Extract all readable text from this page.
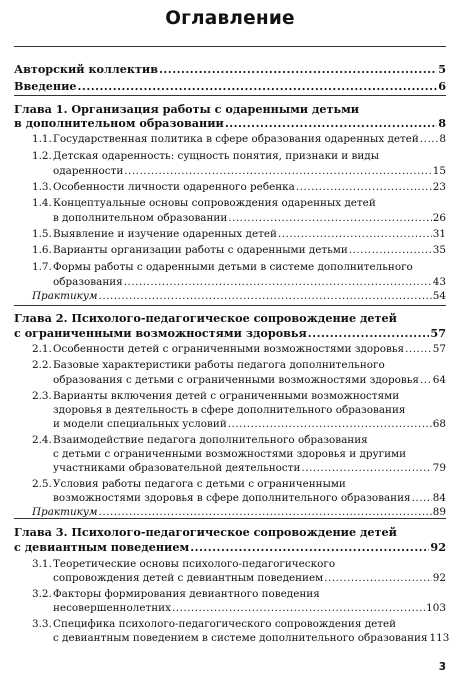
Оглавление
Авторский коллектив .....	5
Введение .....	6
Глава 1. Организация работы с одаренными детьми
в дополнительном образовании .....	8
1.1. Государственная политика в сфере образования одаренных детей ..... 8
1.2. Детская одаренность: сущность понятия, признаки и виды
одаренности .....	15
1.3. Особенности личности одаренного ребенка .....	23
1.4. Концептуальные основы сопровождения одаренных детей
в дополнительном образовании .....	26
1.5. Выявление и изучение одаренных детей .....	31
1.6. Варианты организации работы с одаренными детьми .....	35
1.7. Формы работы с одаренными детьми в системе дополнительного
образования .....	43
Практикум .....	54
Глава 2. Психолого-педагогическое сопровождение детей
с ограниченными возможностями здоровья .....	57
2.1. Особенности детей с ограниченными возможностями здоровья .....	57
2.2. Базовые характеристики работы педагога дополнительного
образования с детьми с ограниченными возможностями здоровья ..... 64
2.3. Варианты включения детей с ограниченными возможностями
здоровья в деятельность в сфере дополнительного образования
и модели специальных условий .....	68
2.4. Взаимодействие педагога дополнительного образования
с детьми с ограниченными возможностями здоровья и другими
участниками образовательной деятельности .....	79
2.5. Условия работы педагога с детьми с ограниченными
возможностями здоровья в сфере дополнительного образования ..... 84
Практикум .....	89
Глава 3. Психолого-педагогическое сопровождение детей
с девиантным поведением .....	92
3.1. Теоретические основы психолого-педагогического
сопровождения детей с девиантным поведением .....	92
3.2. Факторы формирования девиантного поведения
несовершеннолетних .....	103
3.3. Специфика психолого-педагогического сопровождения детей
с девиантным поведением в системе дополнительного образования 113
3
